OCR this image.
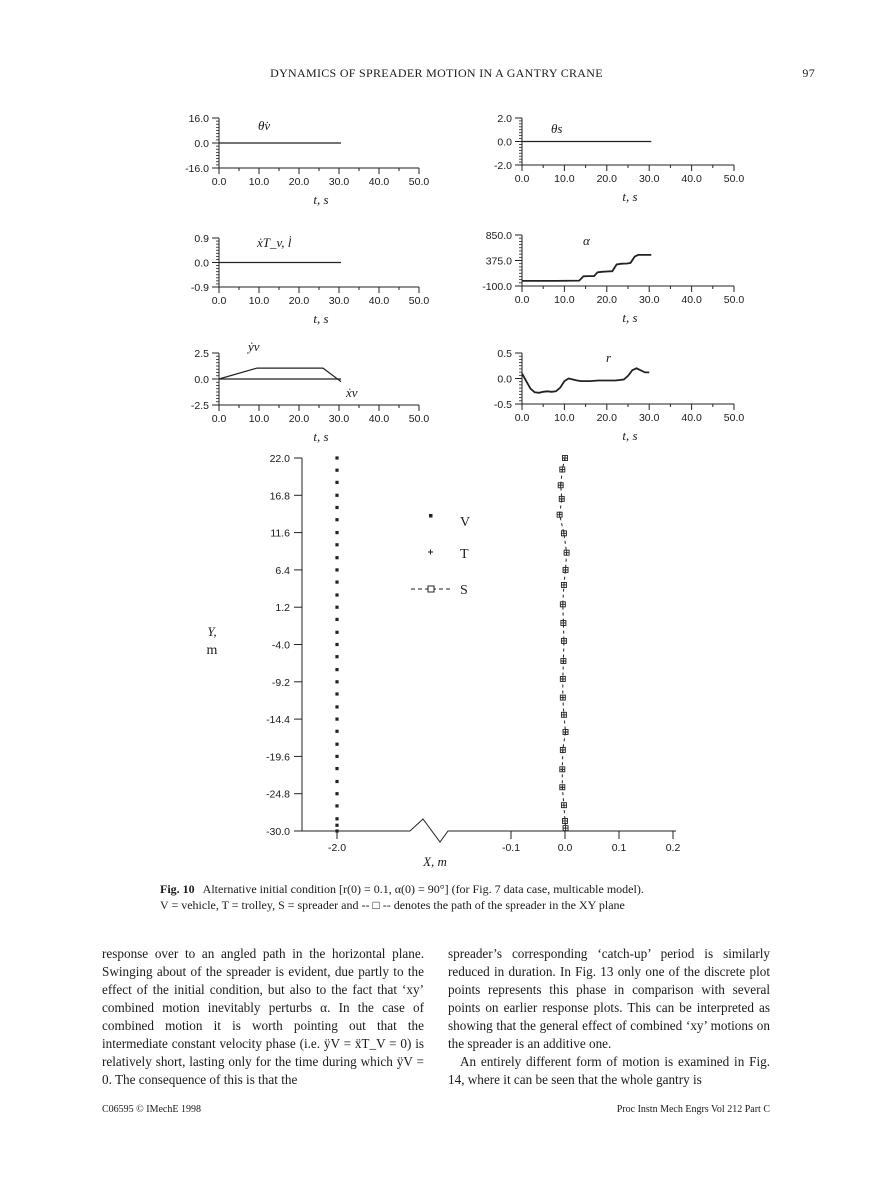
DYNAMICS OF SPREADER MOTION IN A GANTRY CRANE	97
16.0
0.0
-16.0
0.0 10.0 20.0 30.0 40.0 50.0
t, s
θ̇v	2.0
0.0
-2.0
0.0 10.0 20.0 30.0 40.0 50.0
t, s
θs
0.9
0.0
-0.9
0.0 10.0 20.0 30.0 40.0 50.0
t, s
ẋT_v, l̇	850.0
375.0
-100.0
0.0 10.0 20.0 30.0 40.0 50.0
t, s
α
2.5
0.0
-2.5
0.0 10.0 20.0 30.0 40.0 50.0
t, s
ẏv
ẋv
0.5
0.0
-0.5
0.0 10.0 20.0 30.0 40.0 50.0
t, s
r
22.0
16.8
11.6
6.4
1.2
-4.0
-9.2
-14.4
-19.6
-24.8
-30.0
-2.0	-0.1	0.0	0.1	0.2
X, m
Y,
m
V
T
S
Fig. 10 Alternative initial condition [r(0) = 0.1, α(0) = 90°] (for Fig. 7 data case, multicable model).
V = vehicle, T = trolley, S = spreader and ‐‐ □ ‐‐ denotes the path of the spreader in the XY plane

response over to an angled path in the horizontal plane. Swinging about of the spreader is evident, due partly to the effect of the initial condition, but also to the fact that ‘xy’ combined motion inevitably perturbs α. In the case of combined motion it is worth pointing out that the intermediate constant velocity phase (i.e. ÿV = ẍT_V = 0) is relatively short, lasting only for the time during which ÿV = 0. The consequence of this is that the

spreader’s corresponding ‘catch-up’ period is similarly reduced in duration. In Fig. 13 only one of the discrete plot points represents this phase in comparison with several points on earlier response plots. This can be interpreted as showing that the general effect of combined ‘xy’ motions on the spreader is an additive one.

An entirely different form of motion is examined in Fig. 14, where it can be seen that the whole gantry is

C06595 © IMechE 1998	Proc Instn Mech Engrs Vol 212 Part C
